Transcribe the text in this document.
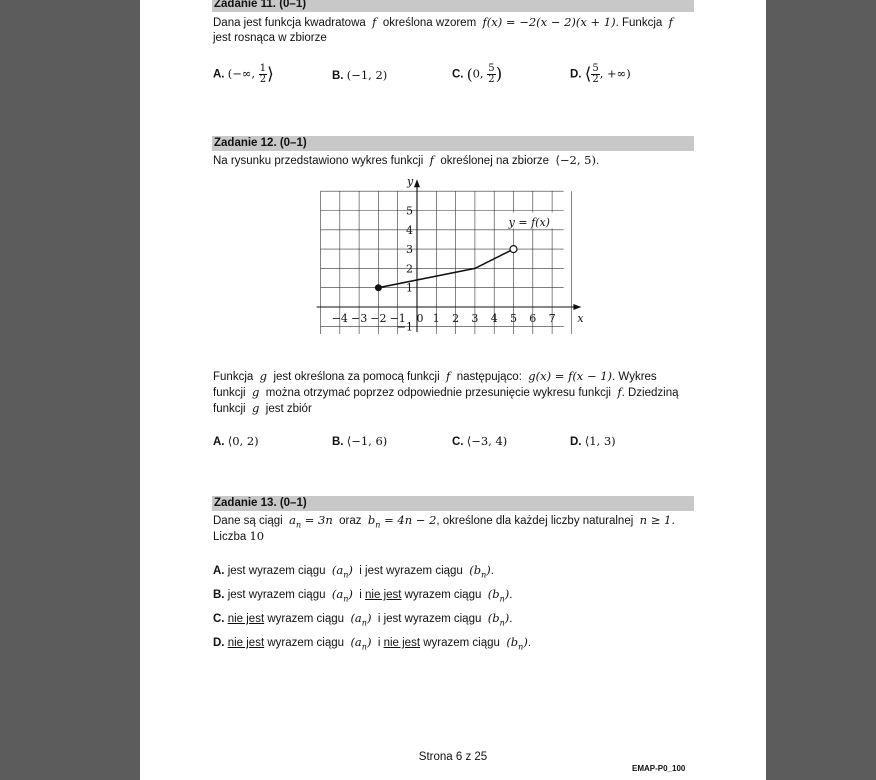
Zadanie 11. (0–1)
Dana jest funkcja kwadratowa f określona wzorem f(x) = −2(x − 2)(x + 1). Funkcja f
jest rosnąca w zbiorze
A. (−∞, $\frac{1}{2}$ ⟩	B. (−1, 2)	C. (0, $\frac{5}{2}$ )	D. ⟨ $\frac{5}{2}$ , +∞)
Zadanie 12. (0–1)
Na rysunku przedstawiono wykres funkcji f określonej na zbiorze ⟨−2, 5).
−4 −3 −2 −1 0 1 2 3 4 5 6 7
−1
1
2
3
4
5
x
y
y = f(x)
Funkcja g jest określona za pomocą funkcji f następująco: g(x) = f(x − 1). Wykres
funkcji g można otrzymać poprzez odpowiednie przesunięcie wykresu funkcji f. Dziedziną
funkcji g jest zbiór
A. ⟨0, 2)	B. ⟨−1, 6)	C. ⟨−3, 4)	D. ⟨1, 3)
Zadanie 13. (0–1)
Dane są ciągi $a_n = 3n$ oraz $b_n = 4n - 2$, określone dla każdej liczby naturalnej n ≥ 1.
Liczba 10
A. jest wyrazem ciągu $(a_n)$ i jest wyrazem ciągu $(b_n)$.
B. jest wyrazem ciągu $(a_n)$  i nie jest wyrazem ciągu $(b_n)$.
C. nie jest wyrazem ciągu $(a_n)$ i jest wyrazem ciągu $(b_n)$.
D. nie jest wyrazem ciągu $(a_n)$  i nie jest wyrazem ciągu $(b_n)$.
Strona 6 z 25
EMAP-P0_100
